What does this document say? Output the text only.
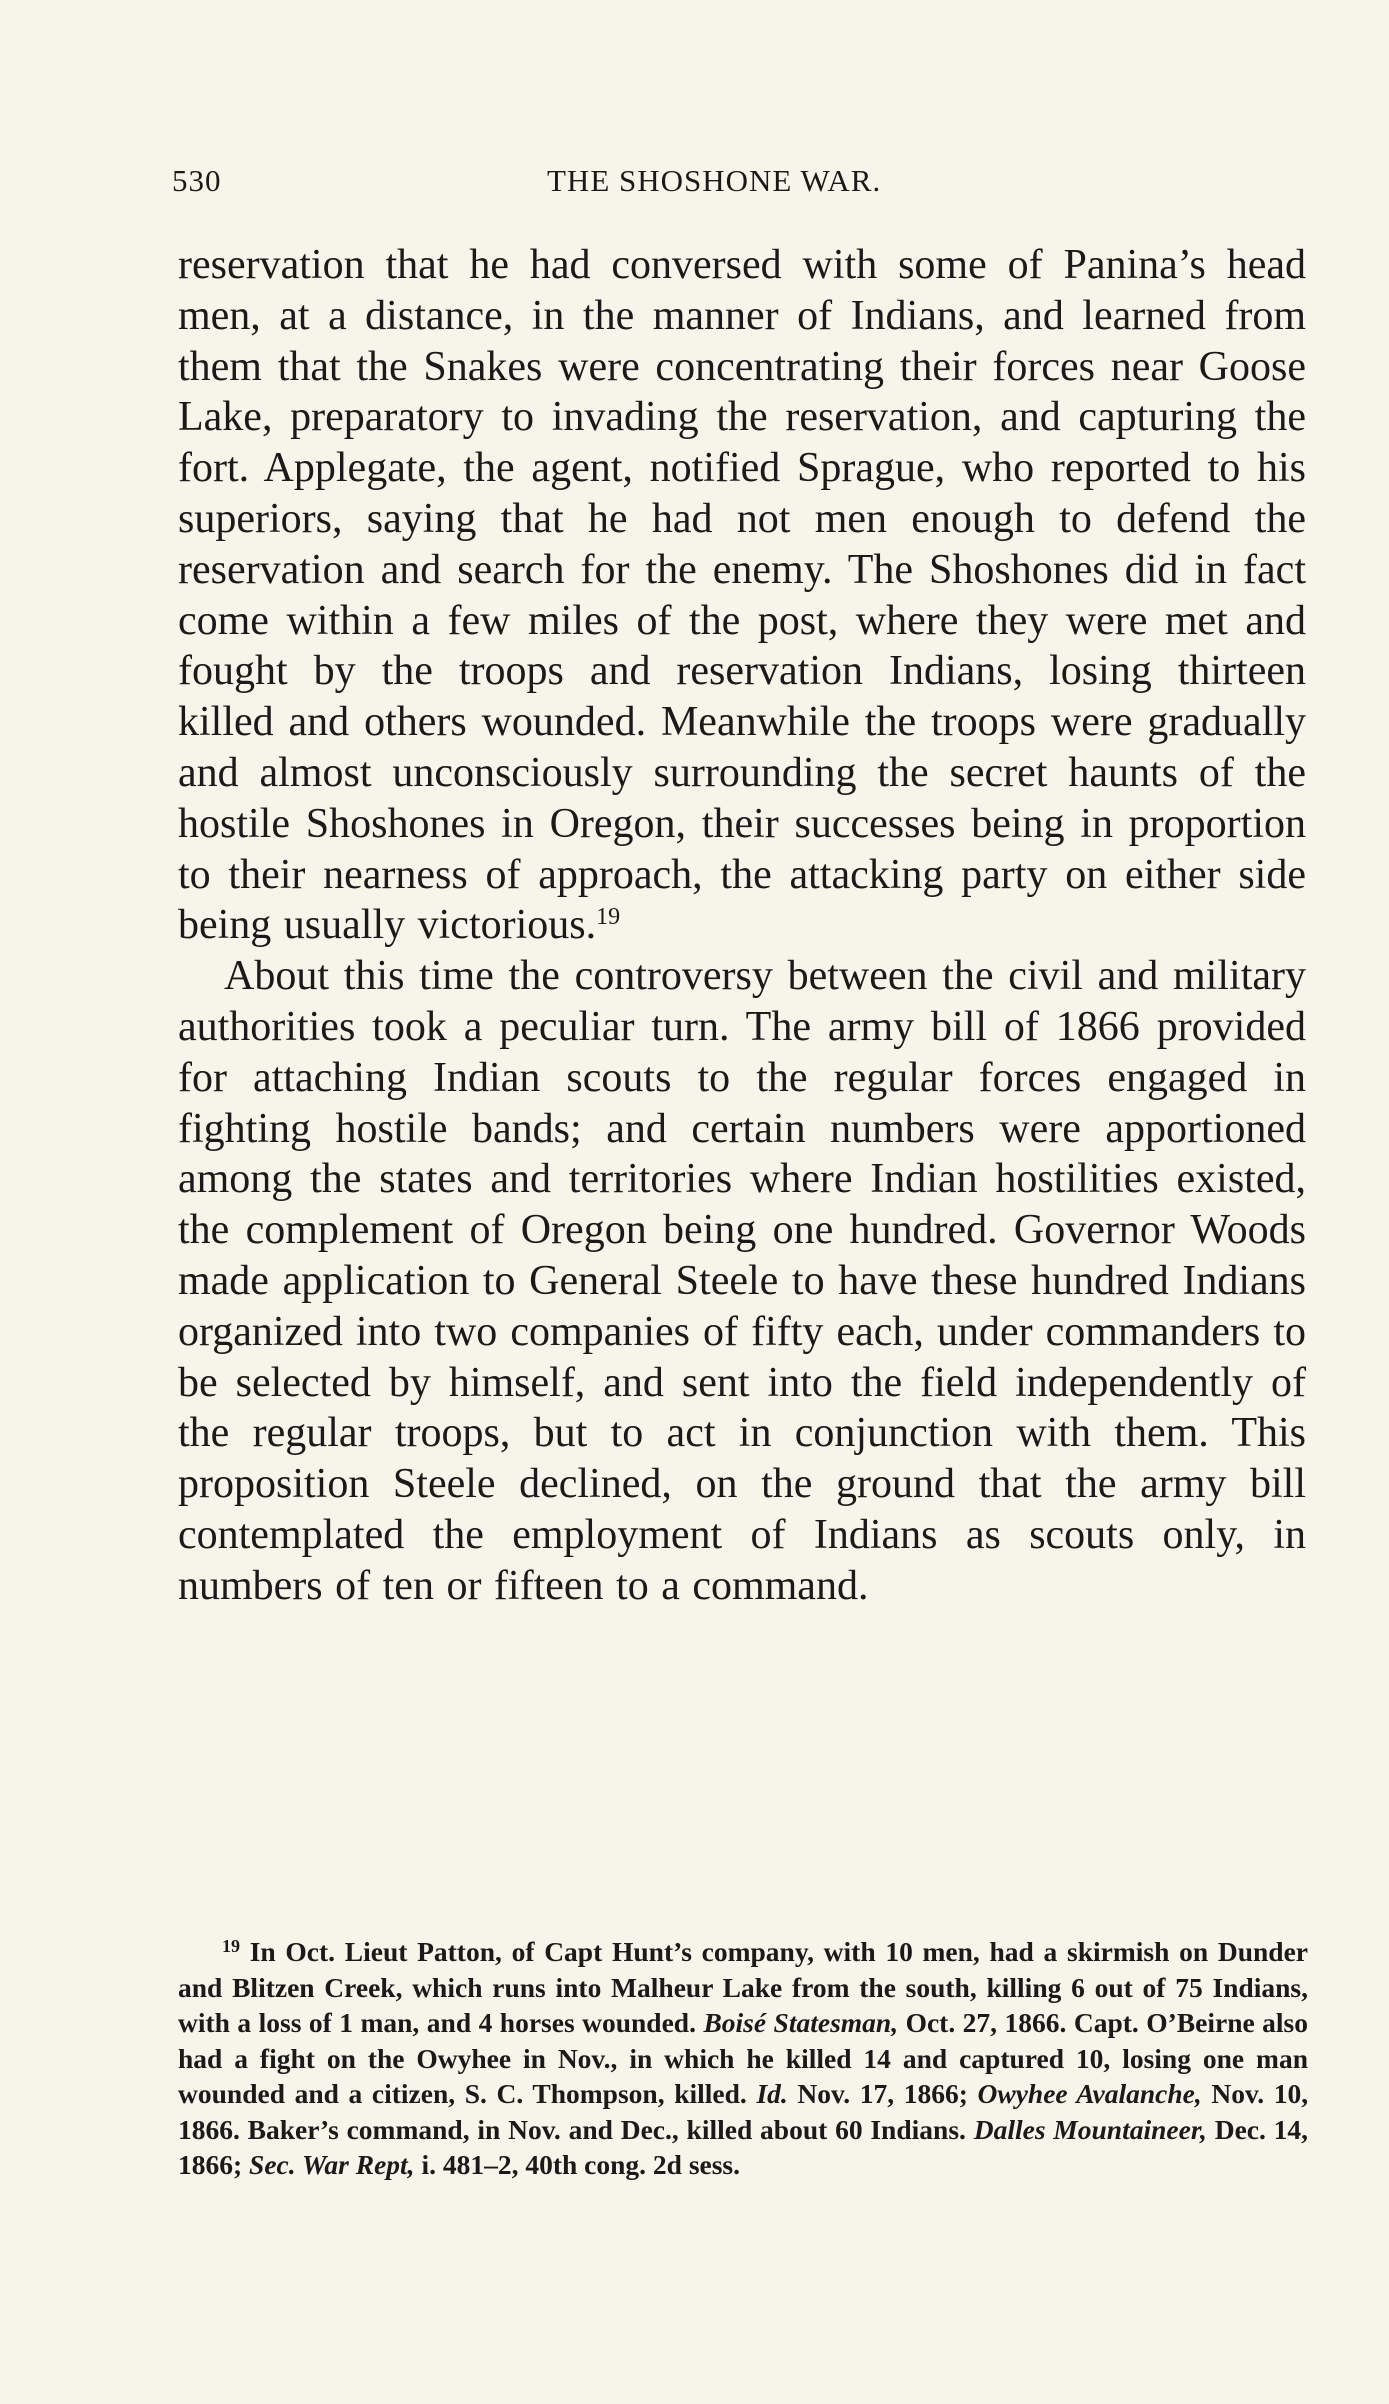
530	THE SHOSHONE WAR.

reservation that he had conversed with some of Panina’s head men, at a distance, in the manner of Indians, and learned from them that the Snakes were concentrating their forces near Goose Lake, preparatory to invading the reservation, and capturing the fort. Applegate, the agent, notified Sprague, who reported to his superiors, saying that he had not men enough to defend the reservation and search for the enemy. The Shoshones did in fact come within a few miles of the post, where they were met and fought by the troops and reservation Indians, losing thirteen killed and others wounded. Meanwhile the troops were gradually and almost unconsciously surrounding the secret haunts of the hostile Shoshones in Oregon, their successes being in proportion to their nearness of approach, the attacking party on either side being usually victorious.$^{19}$

About this time the controversy between the civil and military authorities took a peculiar turn. The army bill of 1866 provided for attaching Indian scouts to the regular forces engaged in fighting hostile bands; and certain numbers were apportioned among the states and territories where Indian hostilities existed, the complement of Oregon being one hundred. Governor Woods made application to General Steele to have these hundred Indians organized into two companies of fifty each, under commanders to be selected by himself, and sent into the field independently of the regular troops, but to act in conjunction with them. This proposition Steele declined, on the ground that the army bill contemplated the employment of Indians as scouts only, in numbers of ten or fifteen to a command.

$^{19}$ In Oct. Lieut Patton, of Capt Hunt’s company, with 10 men, had a skirmish on Dunder and Blitzen Creek, which runs into Malheur Lake from the south, killing 6 out of 75 Indians, with a loss of 1 man, and 4 horses wounded. Boisé Statesman, Oct. 27, 1866. Capt. O’Beirne also had a fight on the Owyhee in Nov., in which he killed 14 and captured 10, losing one man wounded and a citizen, S. C. Thompson, killed. Id. Nov. 17, 1866; Owyhee Avalanche, Nov. 10, 1866. Baker’s command, in Nov. and Dec., killed about 60 Indians. Dalles Mountaineer, Dec. 14, 1866; Sec. War Rept, i. 481–2, 40th cong. 2d sess.
